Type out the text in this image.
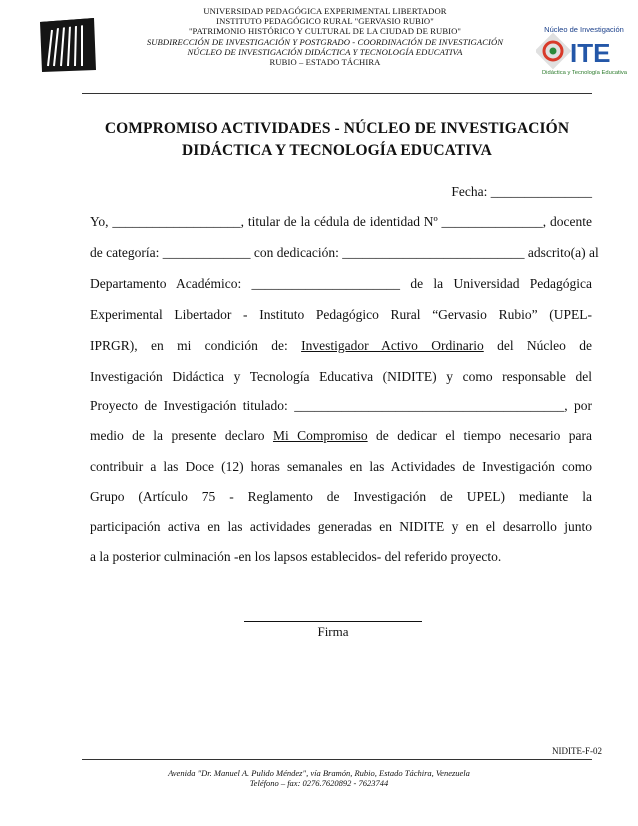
UNIVERSIDAD PEDAGÓGICA EXPERIMENTAL LIBERTADOR
INSTITUTO PEDAGÓGICO RURAL "GERVASIO RUBIO"
"PATRIMONIO HISTÓRICO Y CULTURAL DE LA CIUDAD DE RUBIO"
SUBDIRECCIÓN DE INVESTIGACIÓN Y POSTGRADO - COORDINACIÓN DE INVESTIGACIÓN
NÚCLEO DE INVESTIGACIÓN DIDÁCTICA Y TECNOLOGÍA EDUCATIVA
RUBIO – ESTADO TÁCHIRA
Núcleo de Investigación
ITE
Didáctica y Tecnología Educativa
COMPROMISO ACTIVIDADES - NÚCLEO DE INVESTIGACIÓN
DIDÁCTICA Y TECNOLOGÍA EDUCATIVA
Fecha: _______________
Yo, ___________________, titular de la cédula de identidad Nº _______________, docente
de categoría: _____________ con dedicación: ___________________________ adscrito(a) al
Departamento Académico: ______________________ de la Universidad Pedagógica
Experimental Libertador - Instituto Pedagógico Rural “Gervasio Rubio” (UPEL-
IPRGR), en mi condición de: Investigador Activo Ordinario del Núcleo de
Investigación Didáctica y Tecnología Educativa (NIDITE) y como responsable del
Proyecto de Investigación titulado: ________________________________________, por
medio de la presente declaro Mi Compromiso de dedicar el tiempo necesario para
contribuir a las Doce (12) horas semanales en las Actividades de Investigación como
Grupo (Artículo 75 - Reglamento de Investigación de UPEL) mediante la
participación activa en las actividades generadas en NIDITE y en el desarrollo junto
a la posterior culminación -en los lapsos establecidos- del referido proyecto.
Firma
NIDITE-F-02
Avenida "Dr. Manuel A. Pulido Méndez", vía Bramón, Rubio, Estado Táchira, Venezuela
Teléfono – fax: 0276.7620892 - 7623744
